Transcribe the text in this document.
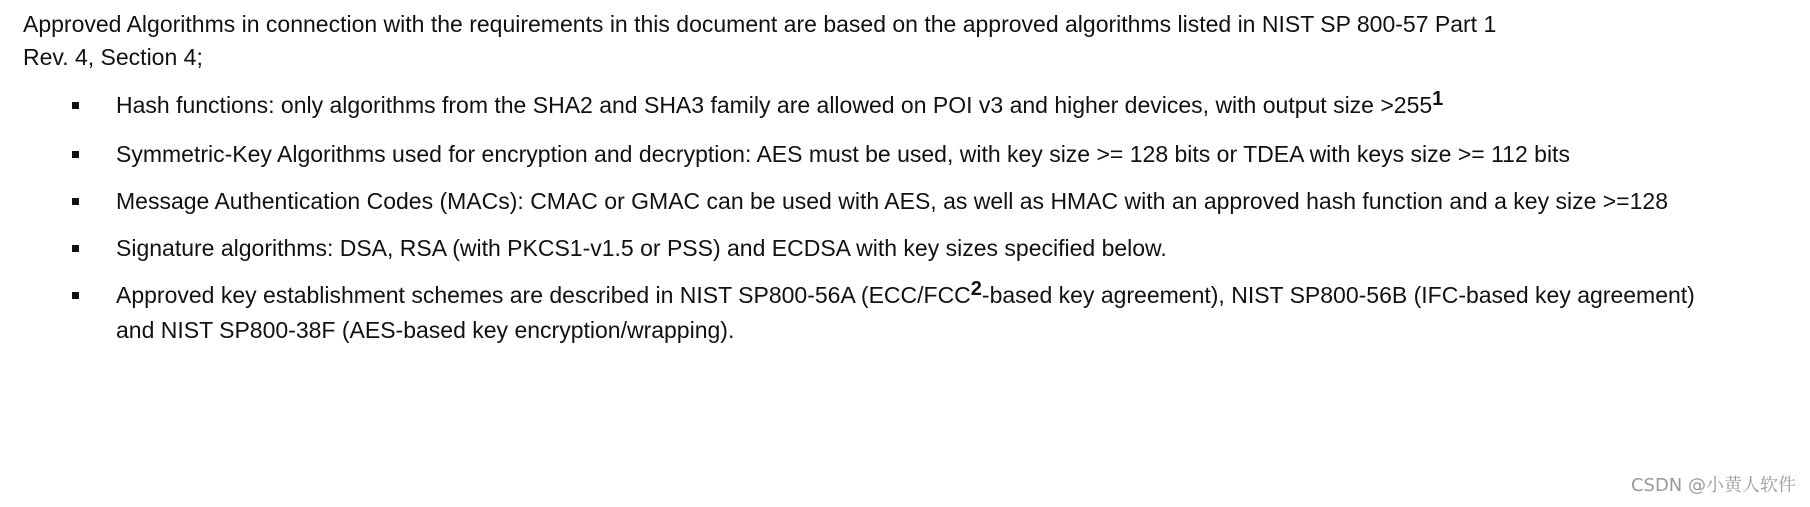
Approved Algorithms in connection with the requirements in this document are based on the approved algorithms listed in NIST SP 800-57 Part 1
Rev. 4, Section 4;

Hash functions: only algorithms from the SHA2 and SHA3 family are allowed on POI v3 and higher devices, with output size >2551
Symmetric-Key Algorithms used for encryption and decryption: AES must be used, with key size >= 128 bits or TDEA with keys size >= 112 bits
Message Authentication Codes (MACs): CMAC or GMAC can be used with AES, as well as HMAC with an approved hash function and a key size >=128
Signature algorithms: DSA, RSA (with PKCS1-v1.5 or PSS) and ECDSA with key sizes specified below.
Approved key establishment schemes are described in NIST SP800-56A (ECC/FCC2-based key agreement), NIST SP800-56B (IFC-based key agreement) and NIST SP800-38F (AES-based key encryption/wrapping).
CSDN @小黄人软件
